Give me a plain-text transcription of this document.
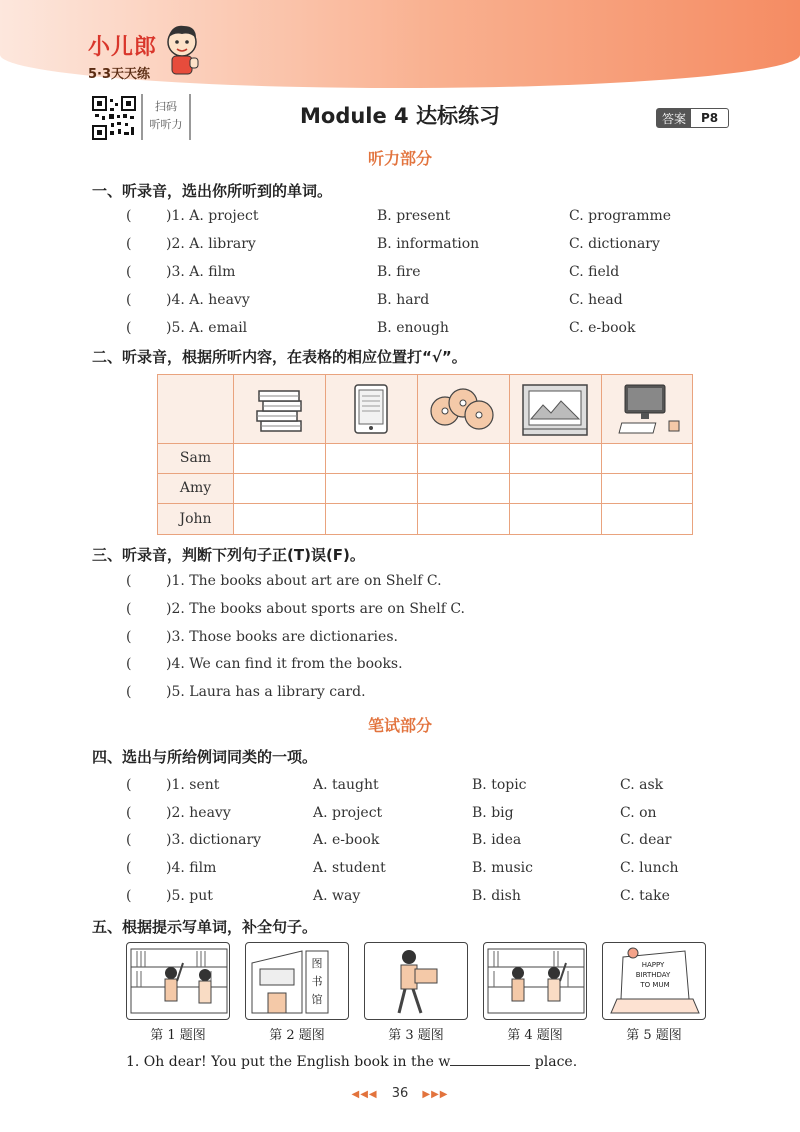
小儿郎
5·3天天练
扫码
听听力	Module 4 达标练习	答案	P8
听力部分
一、听录音，选出你所听到的单词。
( )1. A. project	B. present	C. programme
( )2. A. library	B. information	C. dictionary
( )3. A. film	B. fire	C. field
( )4. A. heavy	B. hard	C. head
( )5. A. email	B. enough	C. e-book
二、听录音，根据所听内容，在表格的相应位置打“√”。
Sam
Amy
John
三、听录音，判断下列句子正(T)误(F)。
( )1. The books about art are on Shelf C.
( )2. The books about sports are on Shelf C.
( )3. Those books are dictionaries.
( )4. We can find it from the books.
( )5. Laura has a library card.
笔试部分
四、选出与所给例词同类的一项。
( )1. sent	A. taught	B. topic	C. ask
( )2. heavy	A. project	B. big	C. on
( )3. dictionary	A. e-book	B. idea	C. dear
( )4. film	A. student	B. music	C. lunch
( )5. put	A. way	B. dish	C. take
五、根据提示写单词，补全句子。
图
书
馆
HAPPY
BIRTHDAY
TO MUM
第 1 题图	第 2 题图	第 3 题图	第 4 题图	第 5 题图
1. Oh dear! You put the English book in the w	place.
◀◀◀ 36 ▶▶▶
